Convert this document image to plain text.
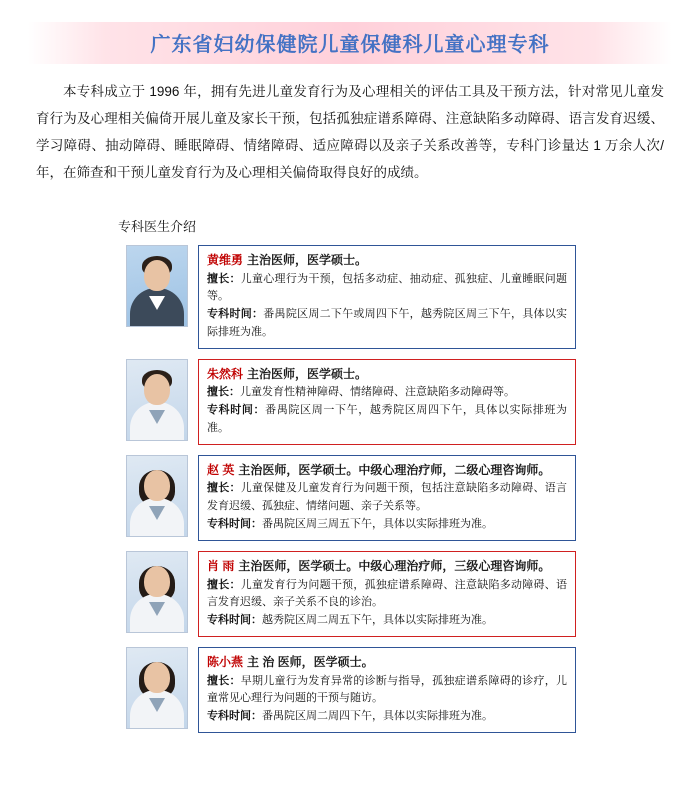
广东省妇幼保健院儿童保健科儿童心理专科

本专科成立于 1996 年，拥有先进儿童发育行为及心理相关的评估工具及干预方法，针对常见儿童发育行为及心理相关偏倚开展儿童及家长干预，包括孤独症谱系障碍、注意缺陷多动障碍、语言发育迟缓、学习障碍、抽动障碍、睡眠障碍、情绪障碍、适应障碍以及亲子关系改善等，专科门诊量达 1 万余人次/年，在筛查和干预儿童发育行为及心理相关偏倚取得良好的成绩。

专科医生介绍
黄维勇 主治医师，医学硕士。
擅长：儿童心理行为干预，包括多动症、抽动症、孤独症、儿童睡眠问题等。
专科时间：番禺院区周二下午或周四下午，越秀院区周三下午，具体以实际排班为准。
朱然科 主治医师，医学硕士。
擅长：儿童发育性精神障碍、情绪障碍、注意缺陷多动障碍等。
专科时间：番禺院区周一下午，越秀院区周四下午，具体以实际排班为准。
赵 英 主治医师，医学硕士。中级心理治疗师，二级心理咨询师。
擅长：儿童保健及儿童发育行为问题干预，包括注意缺陷多动障碍、语言发育迟缓、孤独症、情绪问题、亲子关系等。
专科时间：番禺院区周三周五下午，具体以实际排班为准。
肖 雨 主治医师，医学硕士。中级心理治疗师，三级心理咨询师。
擅长：儿童发育行为问题干预，孤独症谱系障碍、注意缺陷多动障碍、语言发育迟缓、亲子关系不良的诊治。
专科时间：越秀院区周二周五下午，具体以实际排班为准。
陈小燕 主 治 医师，医学硕士。
擅长：早期儿童行为发育异常的诊断与指导，孤独症谱系障碍的诊疗，儿童常见心理行为问题的干预与随访。
专科时间：番禺院区周二周四下午，具体以实际排班为准。
